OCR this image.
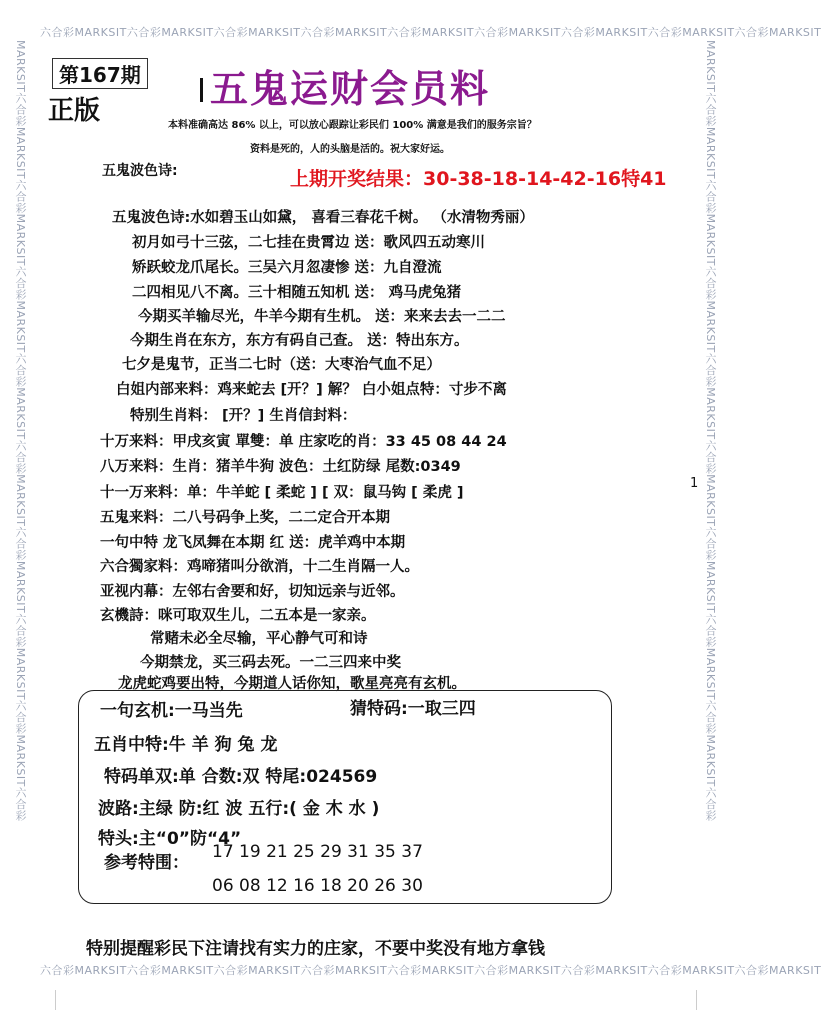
六合彩MARKSIT六合彩MARKSIT六合彩MARKSIT六合彩MARKSIT六合彩MARKSIT六合彩MARKSIT六合彩MARKSIT六合彩MARKSIT六合彩MARKSIT
六合彩MARKSIT六合彩MARKSIT六合彩MARKSIT六合彩MARKSIT六合彩MARKSIT六合彩MARKSIT六合彩MARKSIT六合彩MARKSIT六合彩MARKSIT
MARKSIT六合彩MARKSIT六合彩MARKSIT六合彩MARKSIT六合彩MARKSIT六合彩MARKSIT六合彩MARKSIT六合彩MARKSIT六合彩MARKSIT六合彩	MARKSIT六合彩MARKSIT六合彩MARKSIT六合彩MARKSIT六合彩MARKSIT六合彩MARKSIT六合彩MARKSIT六合彩MARKSIT六合彩MARKSIT六合彩
第167期
正版	五鬼运财会员料
本料准确高达 86% 以上，可以放心跟踪让彩民们 100% 满意是我们的服务宗旨？
资料是死的，人的头脑是活的。祝大家好运。
五鬼波色诗:	上期开奖结果：30-38-18-14-42-16特41
五鬼波色诗:水如碧玉山如黛， 喜看三春花千树。 （水清物秀丽）
初月如弓十三弦，二七挂在贵霄边 送：歌风四五动寒川
矫跃蛟龙爪尾长。三吴六月忽凄惨 送：九自澄流
二四相见八不离。三十相随五知机 送： 鸡马虎兔猪
今期买羊输尽光，牛羊今期有生机。 送：来来去去一二二
今期生肖在东方，东方有码自己查。 送：特出东方。
七夕是鬼节，正当二七时（送：大枣治气血不足）
白姐内部来料：鸡来蛇去 [开？] 解？ 白小姐点特：寸步不离
特别生肖料： [开？] 生肖信封料：
十万来料：甲戌亥寅 單雙：单 庄家吃的肖：33 45 08 44 24
八万来料：生肖：猪羊牛狗 波色：土红防绿 尾数:0349
十一万来料：单：牛羊蛇 [ 柔蛇 ] [ 双：鼠马钩 [ 柔虎 ]
五鬼来料：二八号码争上奖，二二定合开本期
一句中特 龙飞凤舞在本期 红 送：虎羊鸡中本期
六合獨家料：鸡啼猪叫分欲消，十二生肖隔一人。
亚视内幕：左邻右舍要和好，切知远亲与近邻。
玄機詩：咪可取双生儿，二五本是一家亲。
常赌未必全尽输，平心静气可和诗
今期禁龙，买三码去死。一二三四来中奖
龙虎蛇鸡要出特，今期道人话你知，歌星亮亮有玄机。
1
一句玄机:一马当先	猜特码:一取三四
五肖中特:牛 羊 狗 兔 龙
特码单双:单 合数:双 特尾:024569
波路:主绿 防:红 波 五行:( 金 木 水 )
特头:主“0”防“4”
参考特围：
17 19 21 25 29 31 35 37
06 08 12 16 18 20 26 30
特别提醒彩民下注请找有实力的庄家，不要中奖没有地方拿钱
